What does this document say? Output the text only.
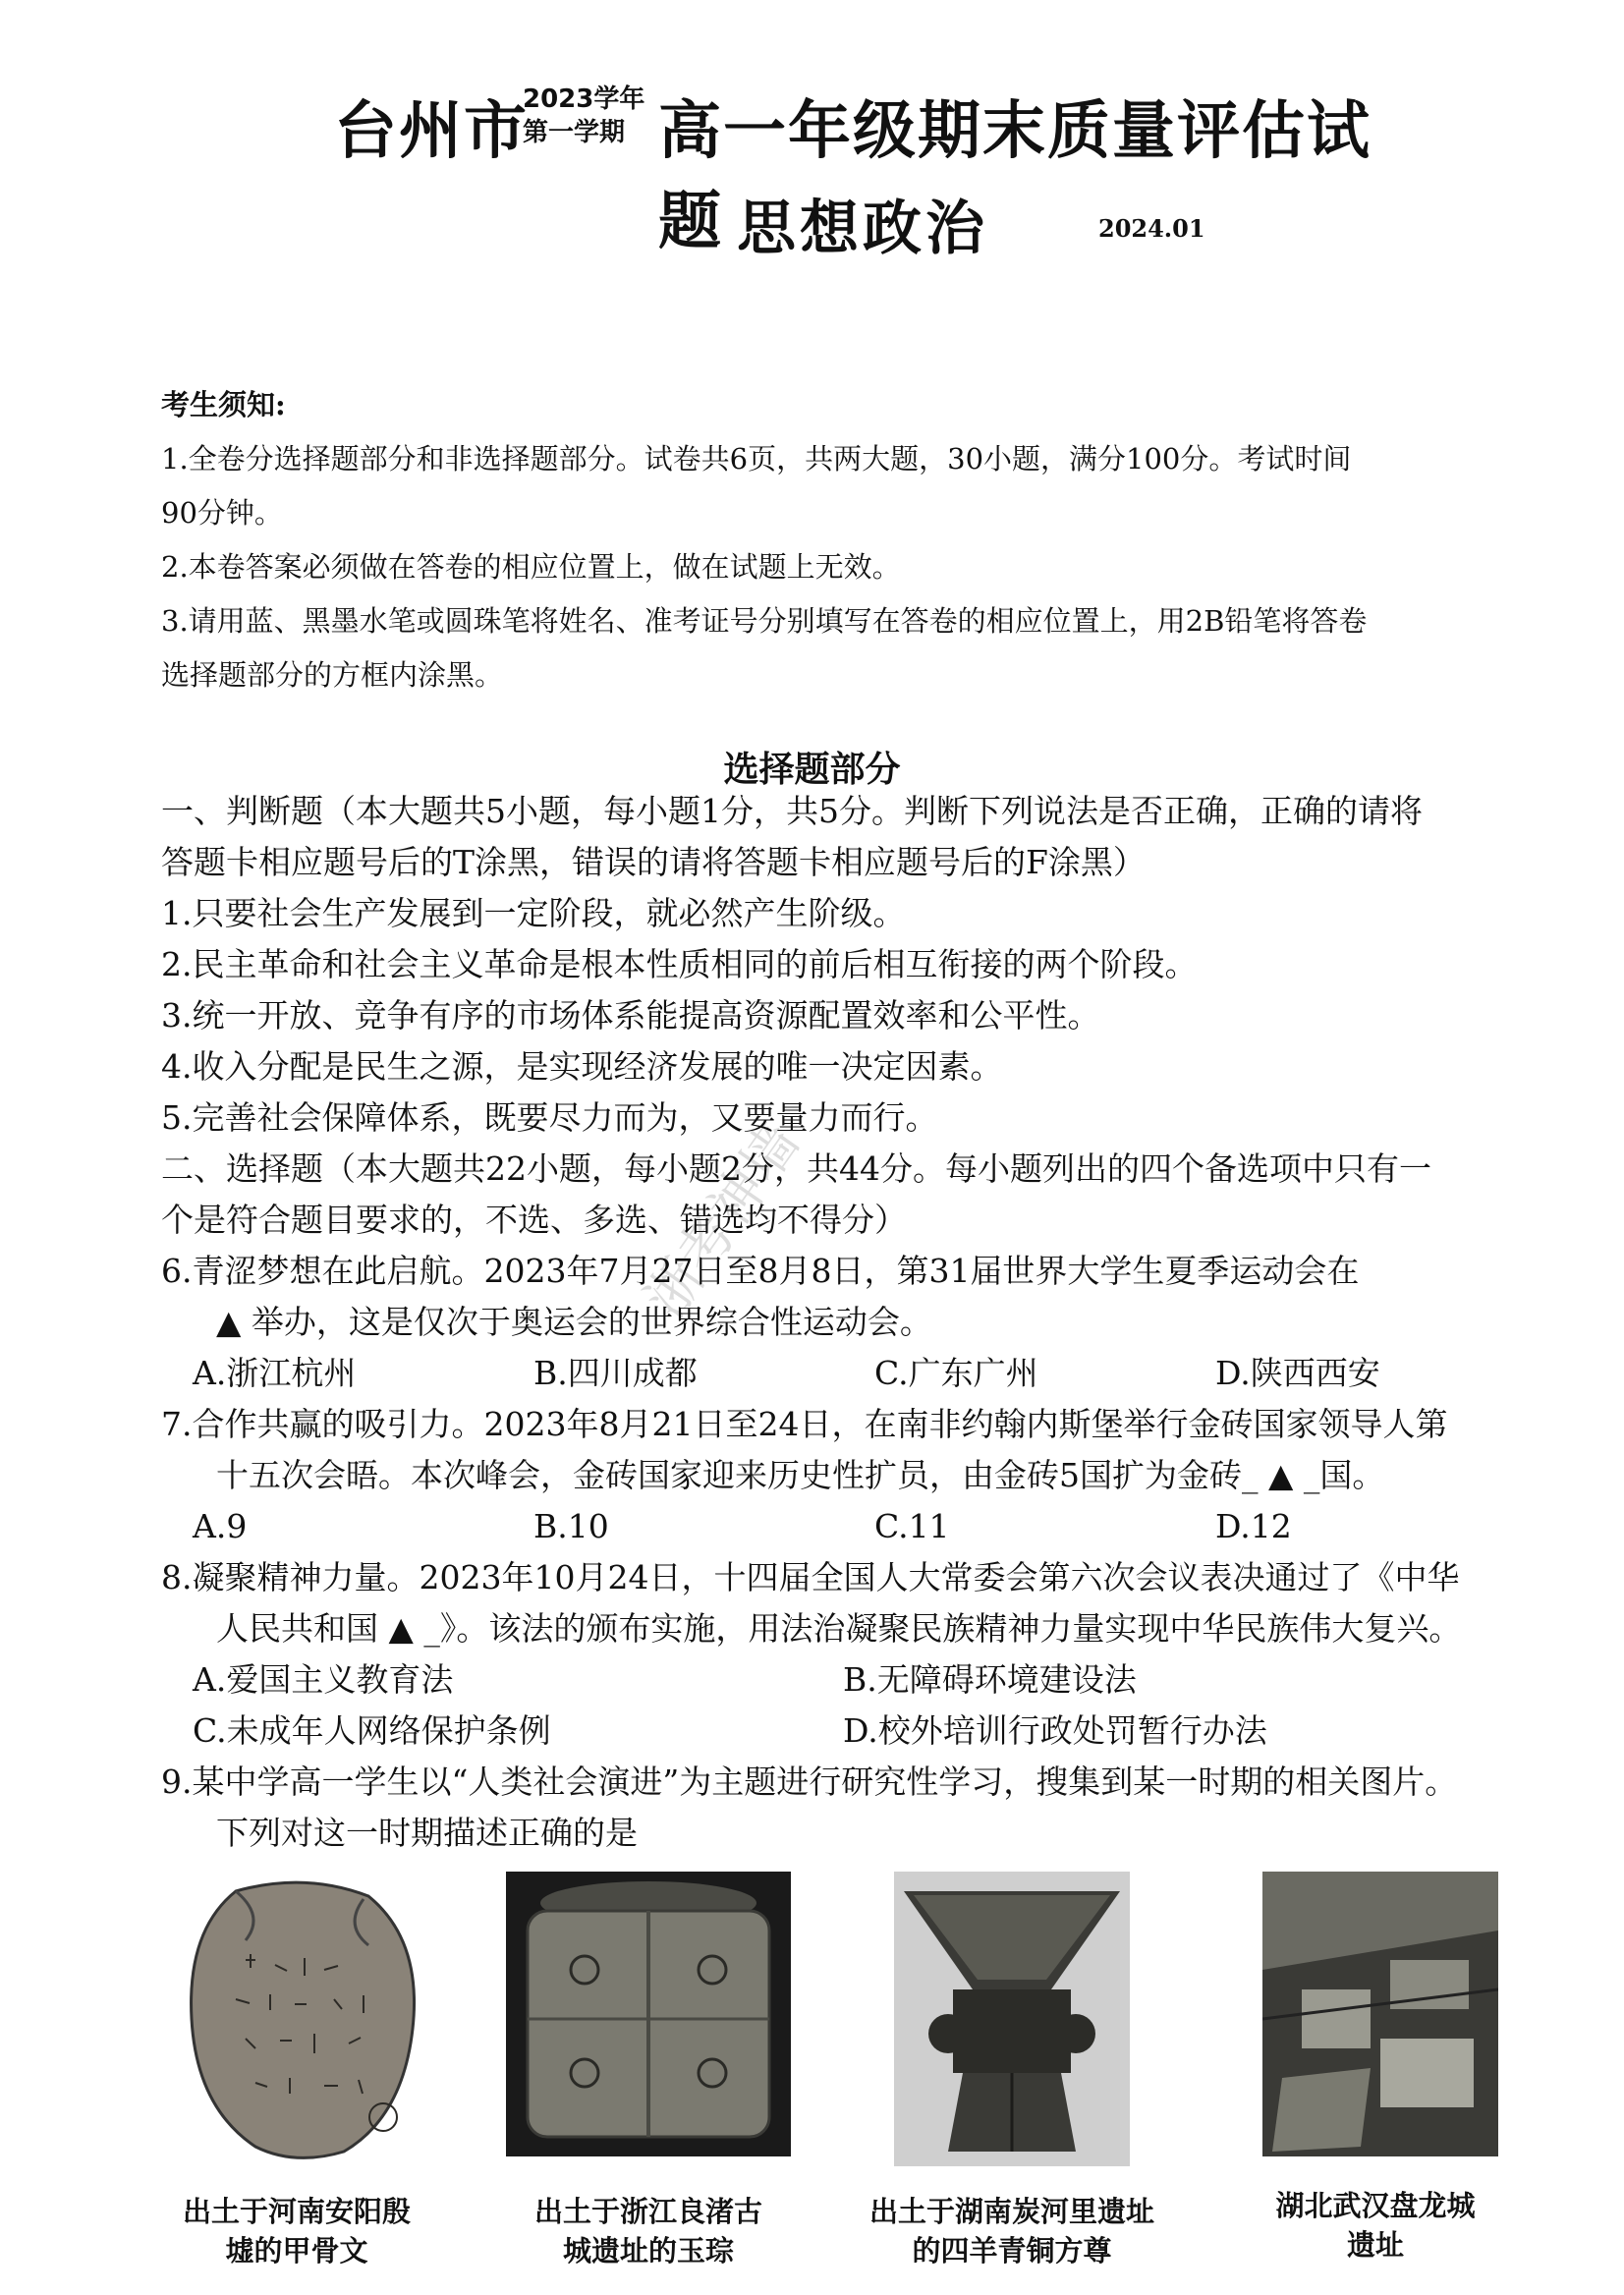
台州市
2023学年
第一学期 高一年级期末质量评估试题 思想政治	2024.01
考生须知:
1.全卷分选择题部分和非选择题部分。试卷共6页，共两大题，30小题，满分100分。考试时间
90分钟。
2.本卷答案必须做在答卷的相应位置上，做在试题上无效。
3.请用蓝、黑墨水笔或圆珠笔将姓名、准考证号分别填写在答卷的相应位置上，用2B铅笔将答卷
选择题部分的方框内涂黑。
选择题部分
浙考神墙
一、判断题（本大题共5小题，每小题1分，共5分。判断下列说法是否正确，正确的请将
答题卡相应题号后的T涂黑，错误的请将答题卡相应题号后的F涂黑）
1.只要社会生产发展到一定阶段，就必然产生阶级。
2.民主革命和社会主义革命是根本性质相同的前后相互衔接的两个阶段。
3.统一开放、竞争有序的市场体系能提高资源配置效率和公平性。
4.收入分配是民生之源，是实现经济发展的唯一决定因素。
5.完善社会保障体系，既要尽力而为，又要量力而行。
二、选择题（本大题共22小题，每小题2分，共44分。每小题列出的四个备选项中只有一
个是符合题目要求的，不选、多选、错选均不得分）
6.青涩梦想在此启航。2023年7月27日至8月8日，第31届世界大学生夏季运动会在
▲ 举办，这是仅次于奥运会的世界综合性运动会。
A.浙江杭州	B.四川成都	C.广东广州	D.陕西西安
7.合作共赢的吸引力。2023年8月21日至24日，在南非约翰内斯堡举行金砖国家领导人第
十五次会晤。本次峰会，金砖国家迎来历史性扩员，由金砖5国扩为金砖_ ▲ _国。
A.9	B.10	C.11	D.12
8.凝聚精神力量。2023年10月24日，十四届全国人大常委会第六次会议表决通过了《中华
人民共和国 ▲ _》。该法的颁布实施，用法治凝聚民族精神力量实现中华民族伟大复兴。
A.爱国主义教育法	B.无障碍环境建设法
C.未成年人网络保护条例	D.校外培训行政处罚暂行办法
9.某中学高一学生以“人类社会演进”为主题进行研究性学习，搜集到某一时期的相关图片。
下列对这一时期描述正确的是
出土于河南安阳殷
墟的甲骨文
出土于浙江良渚古
城遗址的玉琮
出土于湖南炭河里遗址
的四羊青铜方尊
湖北武汉盘龙城
遗址
